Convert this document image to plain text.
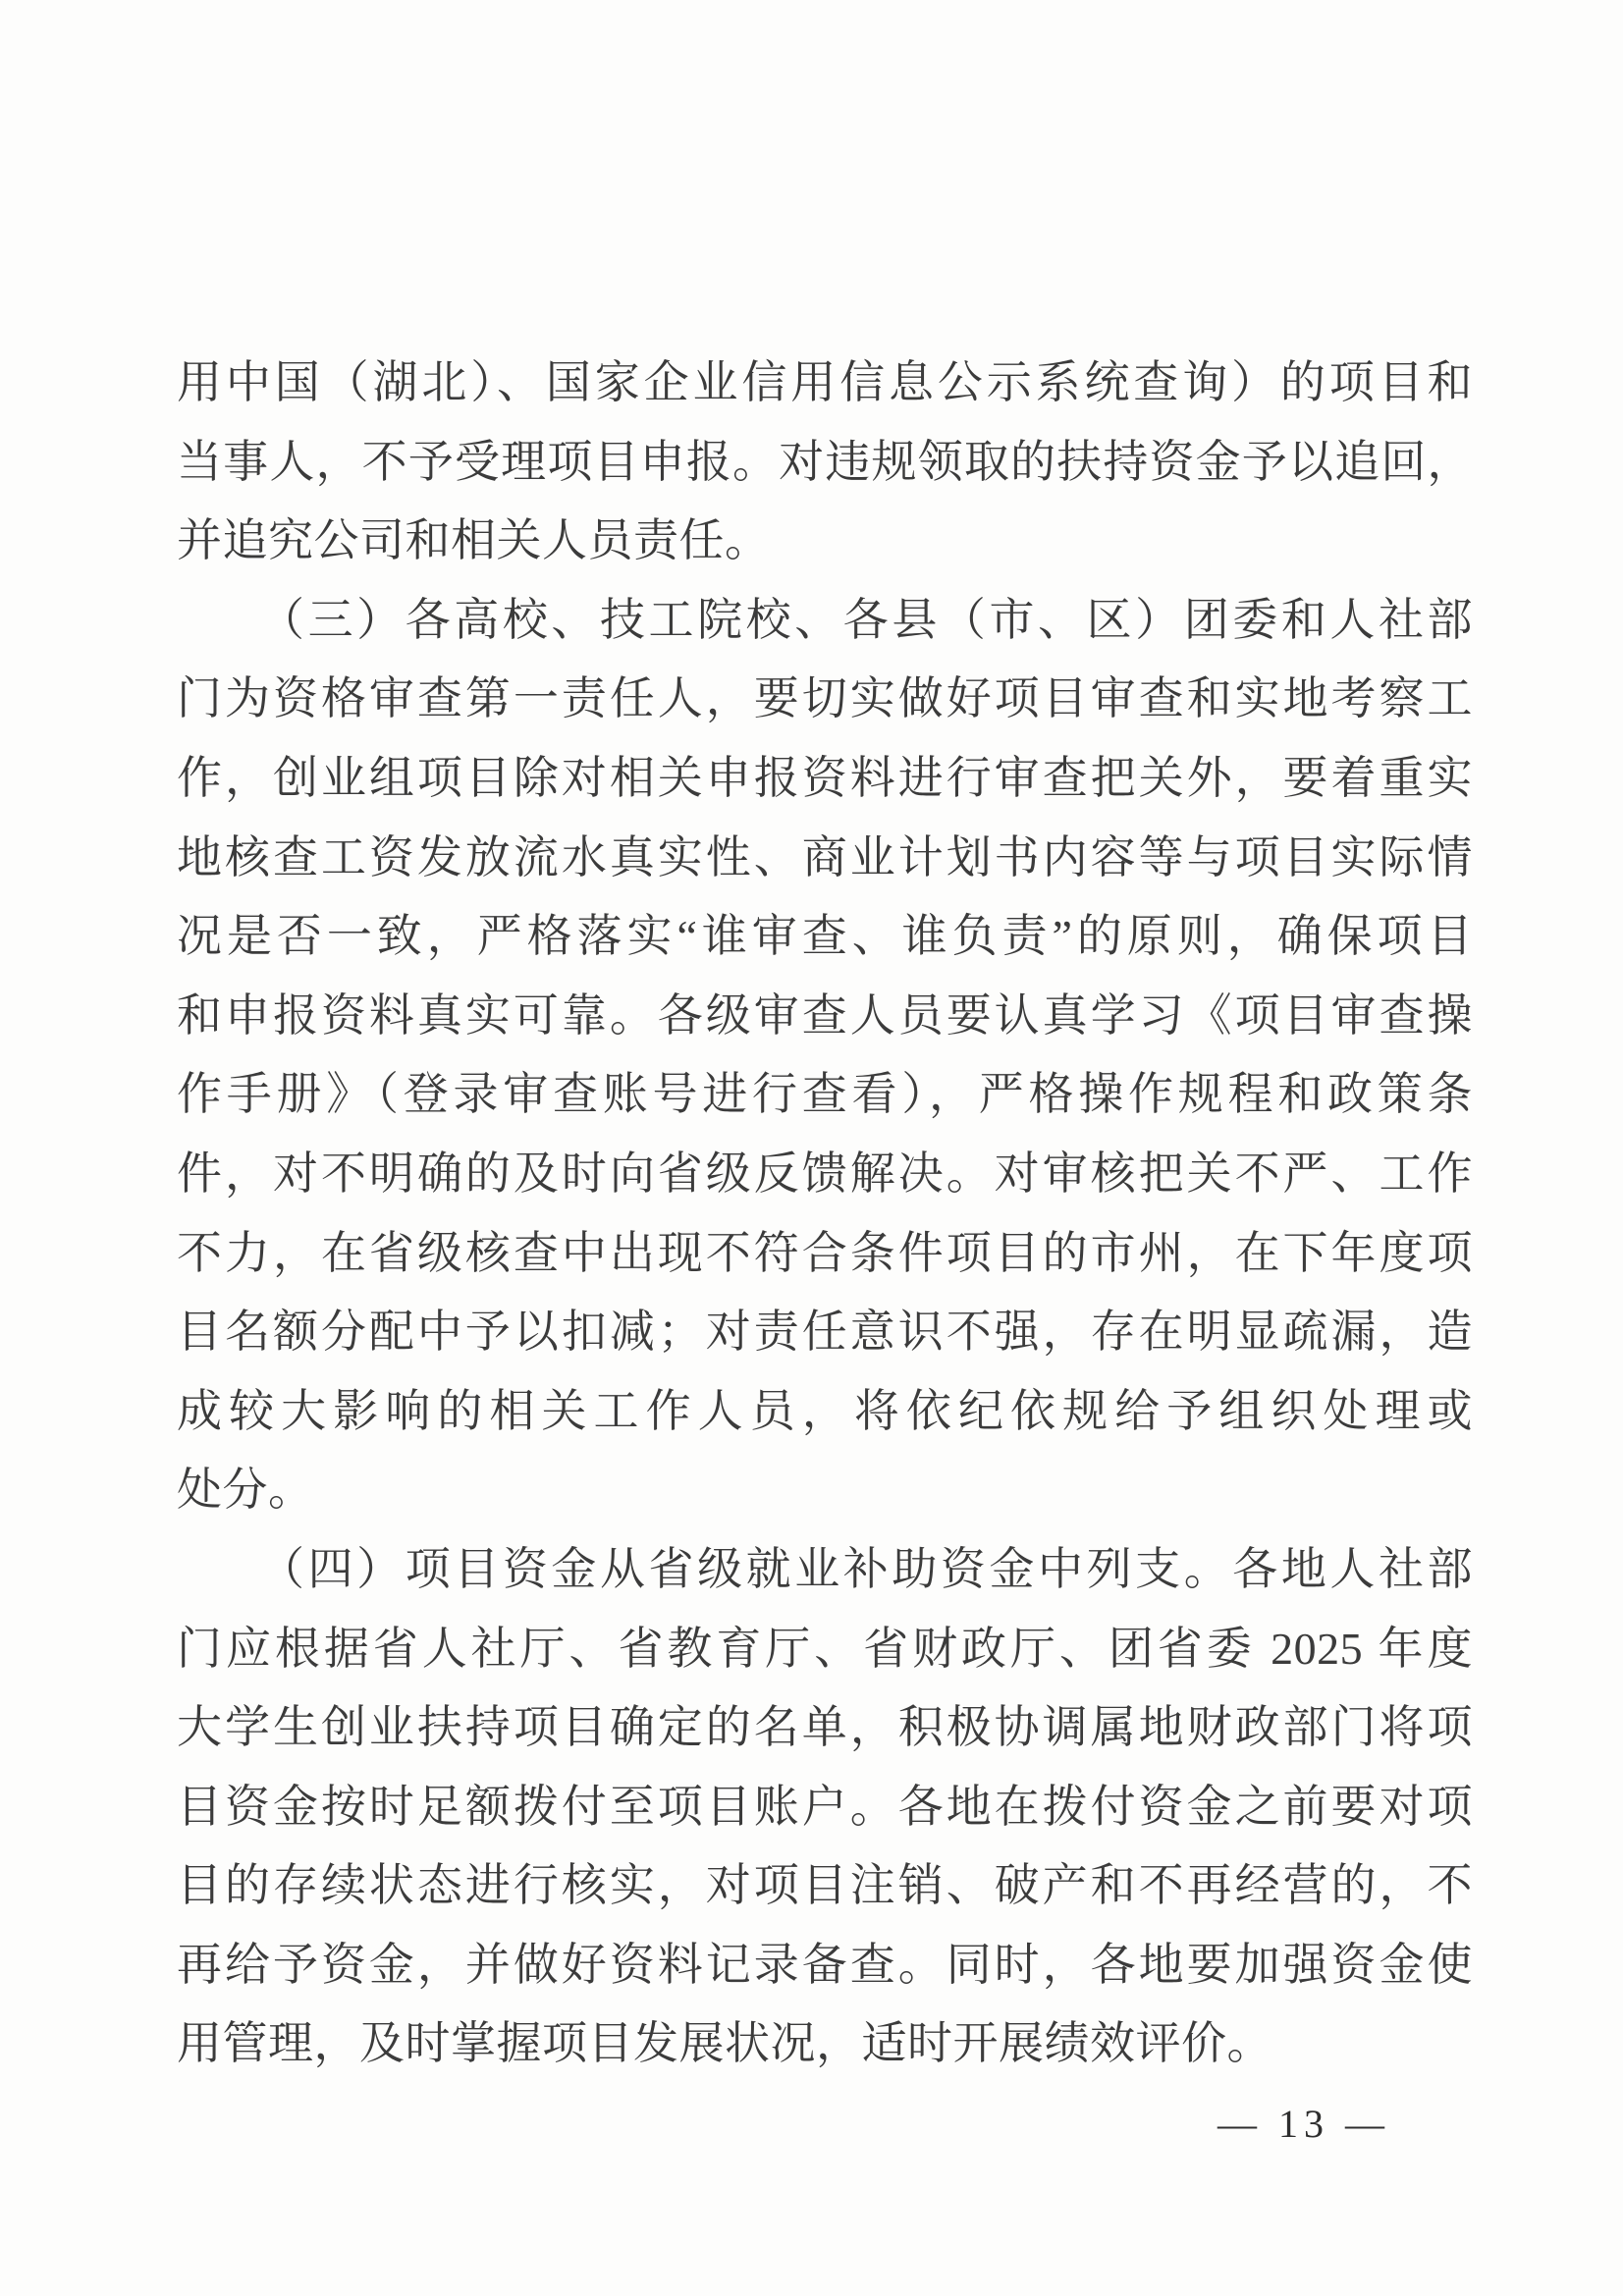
用中国（湖北）、国家企业信用信息公示系统查询）的项目和
当事人，不予受理项目申报。对违规领取的扶持资金予以追回，
并追究公司和相关人员责任。
（三）各高校、技工院校、各县（市、区）团委和人社部
门为资格审查第一责任人，要切实做好项目审查和实地考察工
作，创业组项目除对相关申报资料进行审查把关外，要着重实
地核查工资发放流水真实性、商业计划书内容等与项目实际情
况是否一致，严格落实“谁审查、谁负责”的原则，确保项目
和申报资料真实可靠。各级审查人员要认真学习《项目审查操
作手册》（登录审查账号进行查看），严格操作规程和政策条
件，对不明确的及时向省级反馈解决。对审核把关不严、工作
不力，在省级核查中出现不符合条件项目的市州，在下年度项
目名额分配中予以扣减；对责任意识不强，存在明显疏漏，造
成较大影响的相关工作人员，将依纪依规给予组织处理或
处分。
（四）项目资金从省级就业补助资金中列支。各地人社部
门应根据省人社厅、省教育厅、省财政厅、团省委 2025 年度
大学生创业扶持项目确定的名单，积极协调属地财政部门将项
目资金按时足额拨付至项目账户。各地在拨付资金之前要对项
目的存续状态进行核实，对项目注销、破产和不再经营的，不
再给予资金，并做好资料记录备查。同时，各地要加强资金使
用管理，及时掌握项目发展状况，适时开展绩效评价。
— 13 —
